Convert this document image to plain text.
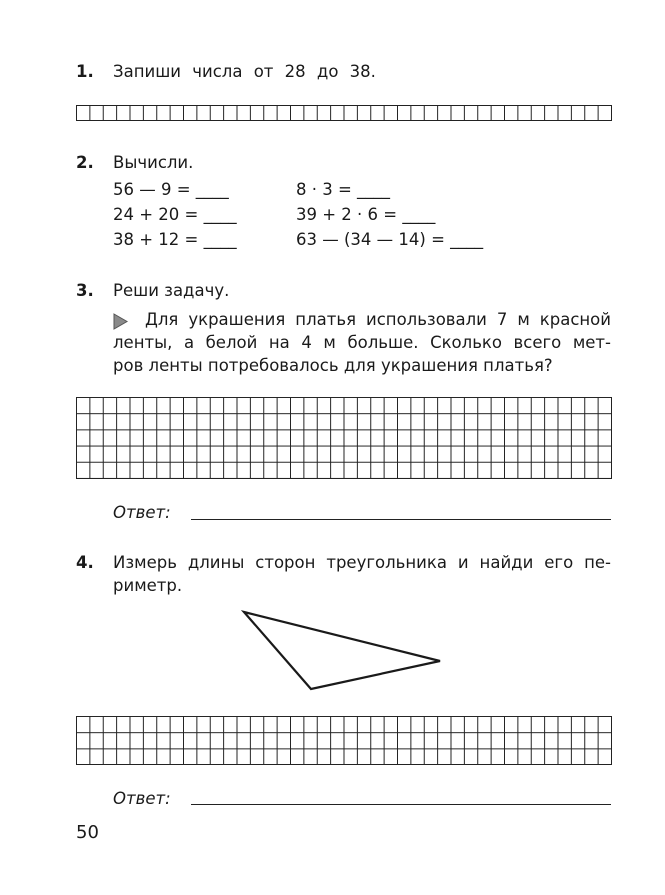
1. Запиши числа от 28 до 38.
2. Вычисли.
56 — 9 = ____
24 + 20 = ____
38 + 12 = ____
8 · 3 = ____
39 + 2 · 6 = ____
63 — (34 — 14) = ____
3. Реши задачу.
Для украшения платья использовали 7 м красной
ленты, а белой на 4 м больше. Сколько всего мет-
ров ленты потребовалось для украшения платья?
Ответ:
4. Измерь длины сторон треугольника и найди его пе-
риметр.
Ответ:
50
